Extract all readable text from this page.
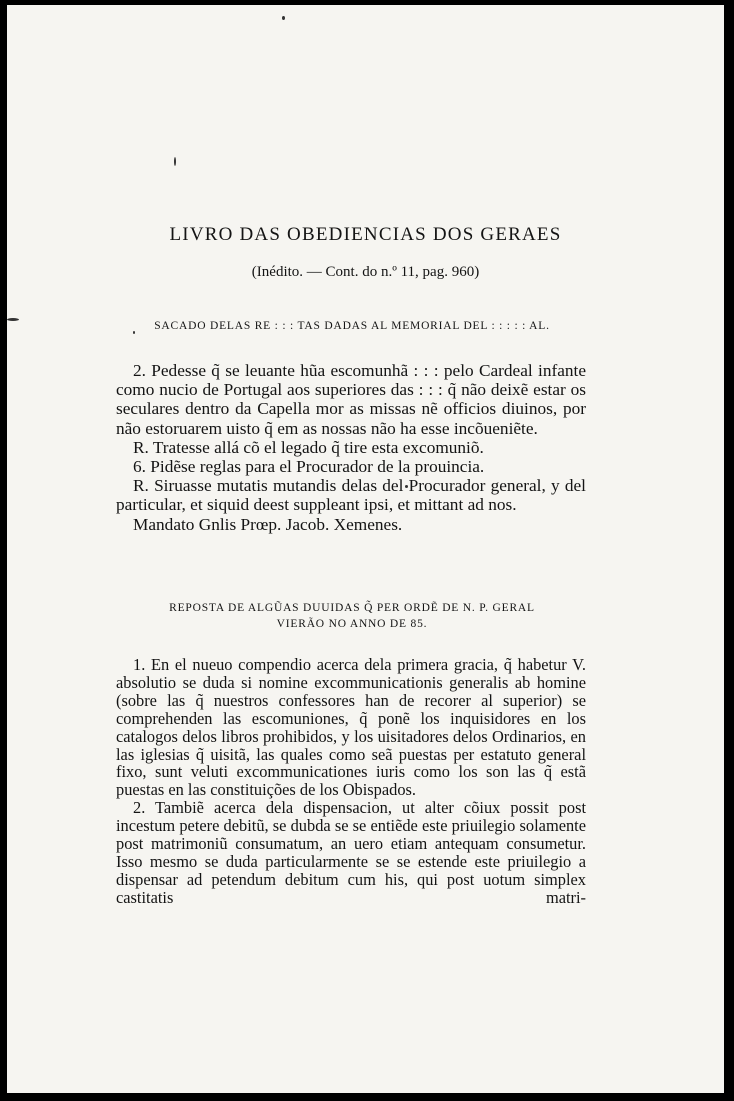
LIVRO DAS OBEDIENCIAS DOS GERAES
(Inédito. — Cont. do n.º 11, pag. 960)
SACADO DELAS RE : : : TAS DADAS AL MEMORIAL DEL : : : : : AL.

2. Pedesse q̃ se leuante hũa escomunhã : : : pelo Cardeal infante como nucio de Portugal aos superiores das : : : q̃ não deixẽ estar os seculares dentro da Capella mor as missas nẽ officios diuinos, por não estoruarem uisto q̃ em as nossas não ha esse incõueniẽte.

R. Tratesse allá cõ el legado q̃ tire esta excomuniõ.

6. Pidẽse reglas para el Procurador de la prouincia.

R. Siruasse mutatis mutandis delas del Procurador general, y del particular, et siquid deest suppleant ipsi, et mittant ad nos.

Mandato Gnlis Prœp. Jacob. Xemenes.

REPOSTA DE ALGŨAS DUUIDAS Q̃ PER ORDẼ DE N. P. GERAL
VIERÃO NO ANNO DE 85.

1. En el nueuo compendio acerca dela primera gracia, q̃ habetur V. absolutio se duda si nomine excommunicationis generalis ab homine (sobre las q̃ nuestros confessores han de recorer al superior) se comprehenden las escomuniones, q̃ ponẽ los inquisidores en los catalogos delos libros prohibidos, y los uisitadores delos Ordinarios, en las iglesias q̃ uisitã, las quales como seã puestas per estatuto general fixo, sunt veluti excommunicationes iuris como los son las q̃ estã puestas en las constituições de los Obispados.

2. Tambiẽ acerca dela dispensacion, ut alter cõiux possit post incestum petere debitũ, se dubda se se entiẽde este priuilegio solamente post matrimoniũ consumatum, an uero etiam antequam consumetur. Isso mesmo se duda particularmente se se estende este priuilegio a dispensar ad petendum debitum cum his, qui post uotum simplex castitatis matri-
